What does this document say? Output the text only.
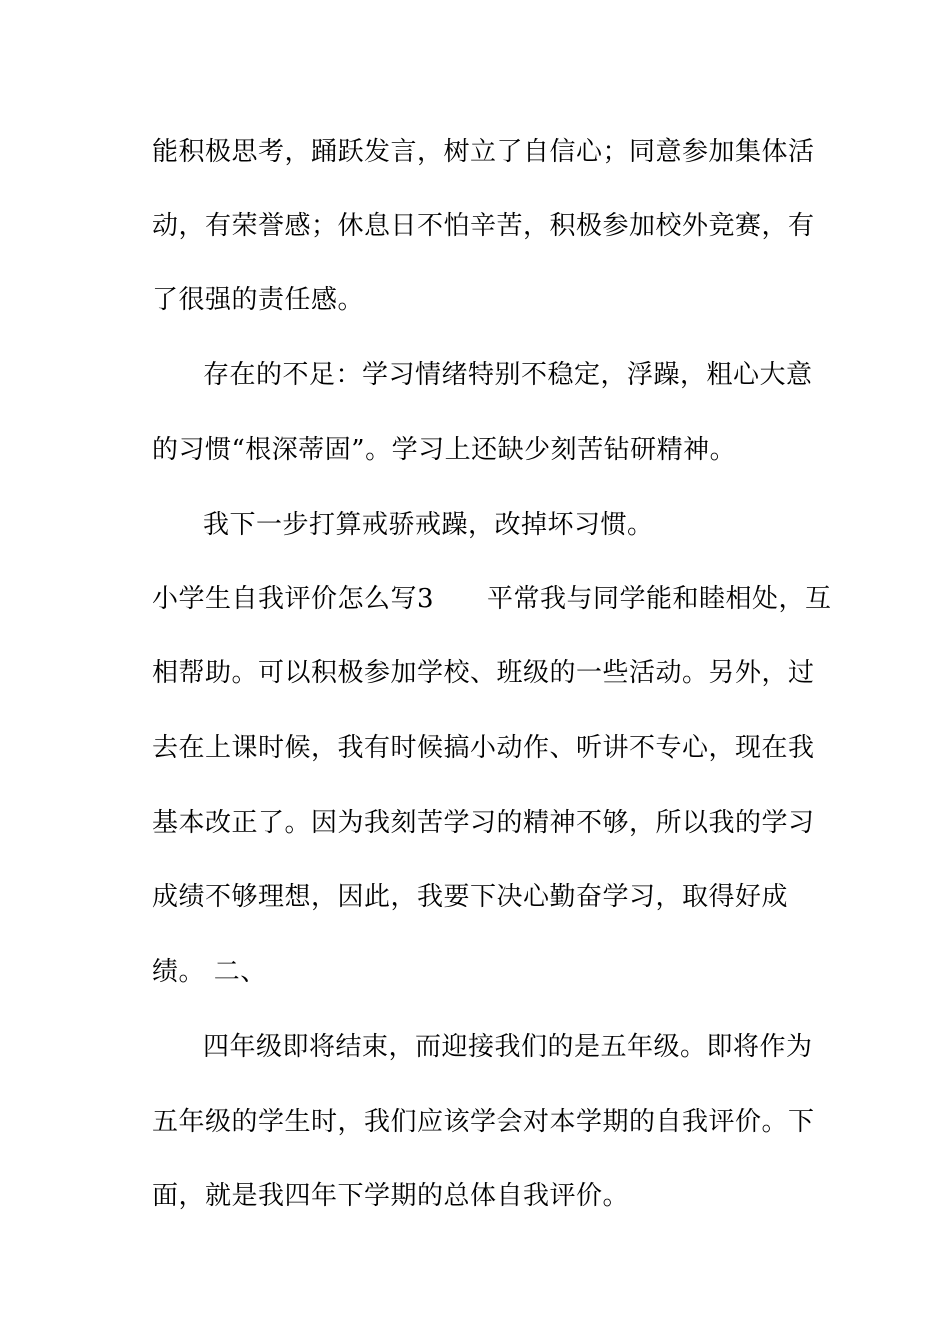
能积极思考，踊跃发言，树立了自信心；同意参加集体活
动，有荣誉感；休息日不怕辛苦，积极参加校外竞赛，有
了很强的责任感。
存在的不足：学习情绪特别不稳定，浮躁，粗心大意
的习惯“根深蒂固”。学习上还缺少刻苦钻研精神。
我下一步打算戒骄戒躁，改掉坏习惯。
小学生自我评价怎么写3　　平常我与同学能和睦相处，互
相帮助。可以积极参加学校、班级的一些活动。另外，过
去在上课时候，我有时候搞小动作、听讲不专心，现在我
基本改正了。因为我刻苦学习的精神不够，所以我的学习
成绩不够理想，因此，我要下决心勤奋学习，取得好成
绩。 二、
四年级即将结束，而迎接我们的是五年级。即将作为
五年级的学生时，我们应该学会对本学期的自我评价。下
面，就是我四年下学期的总体自我评价。
